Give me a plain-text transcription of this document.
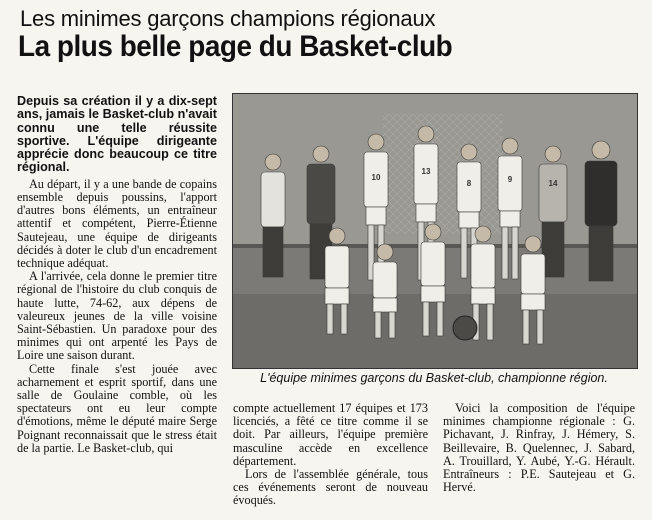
Les minimes garçons champions régionaux
La plus belle page du Basket-club

Depuis sa création il y a dix-sept ans, jamais le Basket-club n'avait connu une telle réussite sportive. L'équipe dirigeante apprécie donc beaucoup ce titre régional.

Au départ, il y a une bande de copains ensemble depuis poussins, l'apport d'autres bons éléments, un entraîneur attentif et compétent, Pierre-Étienne Sautejeau, une équipe de dirigeants décidés à doter le club d'un encadrement technique adéquat.

A l'arrivée, cela donne le premier titre régional de l'histoire du club conquis de haute lutte, 74-62, aux dépens de valeureux jeunes de la ville voisine Saint-Sébastien. Un paradoxe pour des minimes qui ont arpenté les Pays de Loire une saison durant.

Cette finale s'est jouée avec acharnement et esprit sportif, dans une salle de Goulaine comble, où les spectateurs ont eu leur compte d'émotions, même le député maire Serge Poignant reconnaissait que le stress était de la partie. Le Basket-club, qui

10
13
8	9	14
L'équipe minimes garçons du Basket-club, championne région.

compte actuellement 17 équipes et 173 licenciés, a fêté ce titre comme il se doit. Par ailleurs, l'équipe première masculine accède en excellence département.

Lors de l'assemblée générale, tous ces événements seront de nouveau évoqués.

Voici la composition de l'équipe minimes championne régionale : G. Pichavant, J. Rinfray, J. Hémery, S. Beillevaire, B. Quelennec, J. Sabard, A. Trouillard, Y. Aubé, Y.-G. Hérault. Entraîneurs : P.E. Sautejeau et G. Hervé.
